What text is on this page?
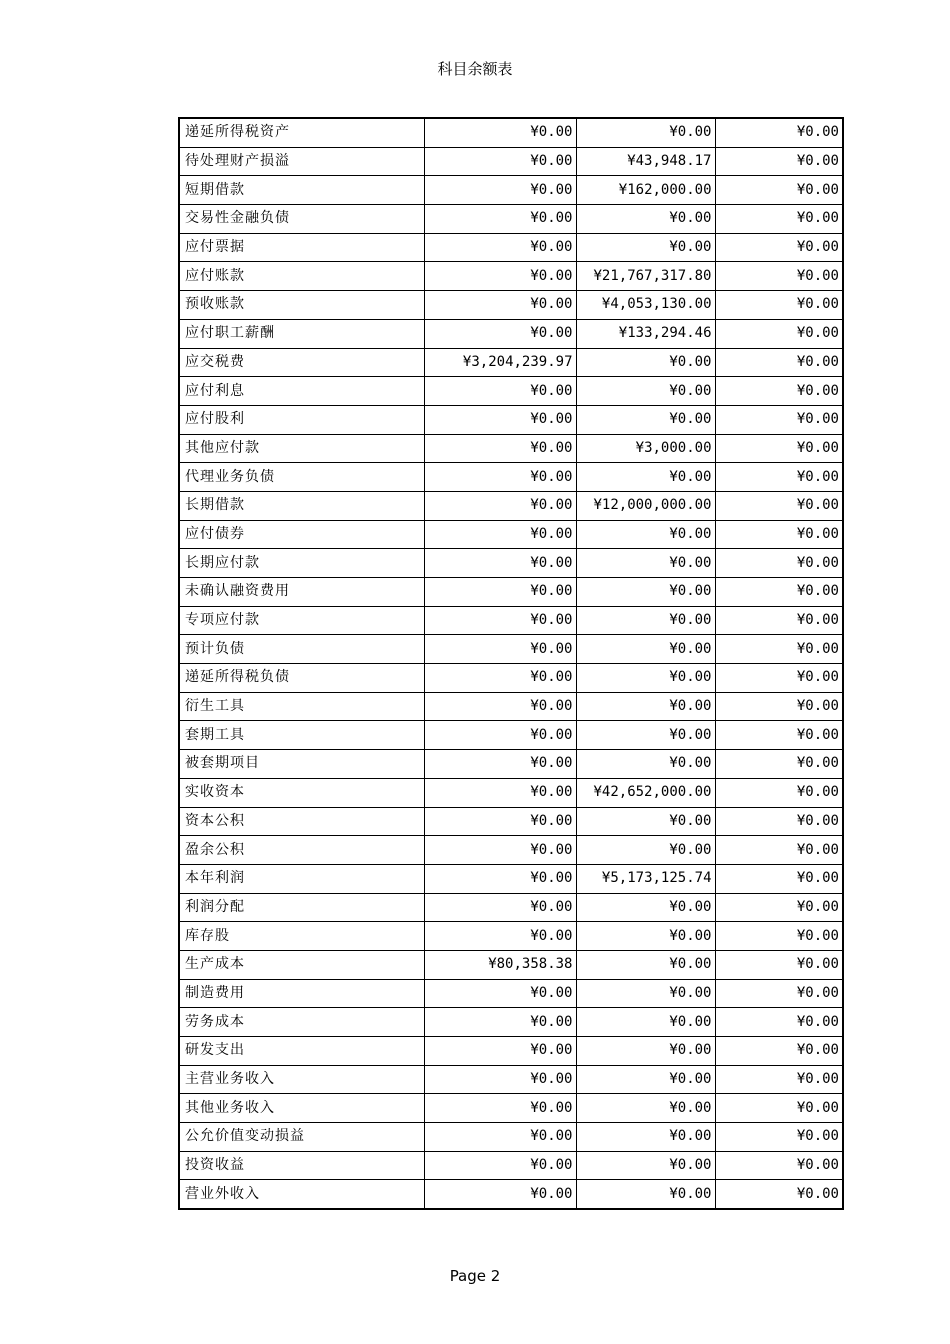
科目余额表
递延所得税资产	¥0.00	¥0.00	¥0.00
待处理财产损溢	¥0.00	¥43,948.17	¥0.00
短期借款	¥0.00	¥162,000.00	¥0.00
交易性金融负债	¥0.00	¥0.00	¥0.00
应付票据	¥0.00	¥0.00	¥0.00
应付账款	¥0.00	¥21,767,317.80	¥0.00
预收账款	¥0.00	¥4,053,130.00	¥0.00
应付职工薪酬	¥0.00	¥133,294.46	¥0.00
应交税费	¥3,204,239.97	¥0.00	¥0.00
应付利息	¥0.00	¥0.00	¥0.00
应付股利	¥0.00	¥0.00	¥0.00
其他应付款	¥0.00	¥3,000.00	¥0.00
代理业务负债	¥0.00	¥0.00	¥0.00
长期借款	¥0.00	¥12,000,000.00	¥0.00
应付债券	¥0.00	¥0.00	¥0.00
长期应付款	¥0.00	¥0.00	¥0.00
未确认融资费用	¥0.00	¥0.00	¥0.00
专项应付款	¥0.00	¥0.00	¥0.00
预计负债	¥0.00	¥0.00	¥0.00
递延所得税负债	¥0.00	¥0.00	¥0.00
衍生工具	¥0.00	¥0.00	¥0.00
套期工具	¥0.00	¥0.00	¥0.00
被套期项目	¥0.00	¥0.00	¥0.00
实收资本	¥0.00	¥42,652,000.00	¥0.00
资本公积	¥0.00	¥0.00	¥0.00
盈余公积	¥0.00	¥0.00	¥0.00
本年利润	¥0.00	¥5,173,125.74	¥0.00
利润分配	¥0.00	¥0.00	¥0.00
库存股	¥0.00	¥0.00	¥0.00
生产成本	¥80,358.38	¥0.00	¥0.00
制造费用	¥0.00	¥0.00	¥0.00
劳务成本	¥0.00	¥0.00	¥0.00
研发支出	¥0.00	¥0.00	¥0.00
主营业务收入	¥0.00	¥0.00	¥0.00
其他业务收入	¥0.00	¥0.00	¥0.00
公允价值变动损益	¥0.00	¥0.00	¥0.00
投资收益	¥0.00	¥0.00	¥0.00
营业外收入	¥0.00	¥0.00	¥0.00
Page 2
